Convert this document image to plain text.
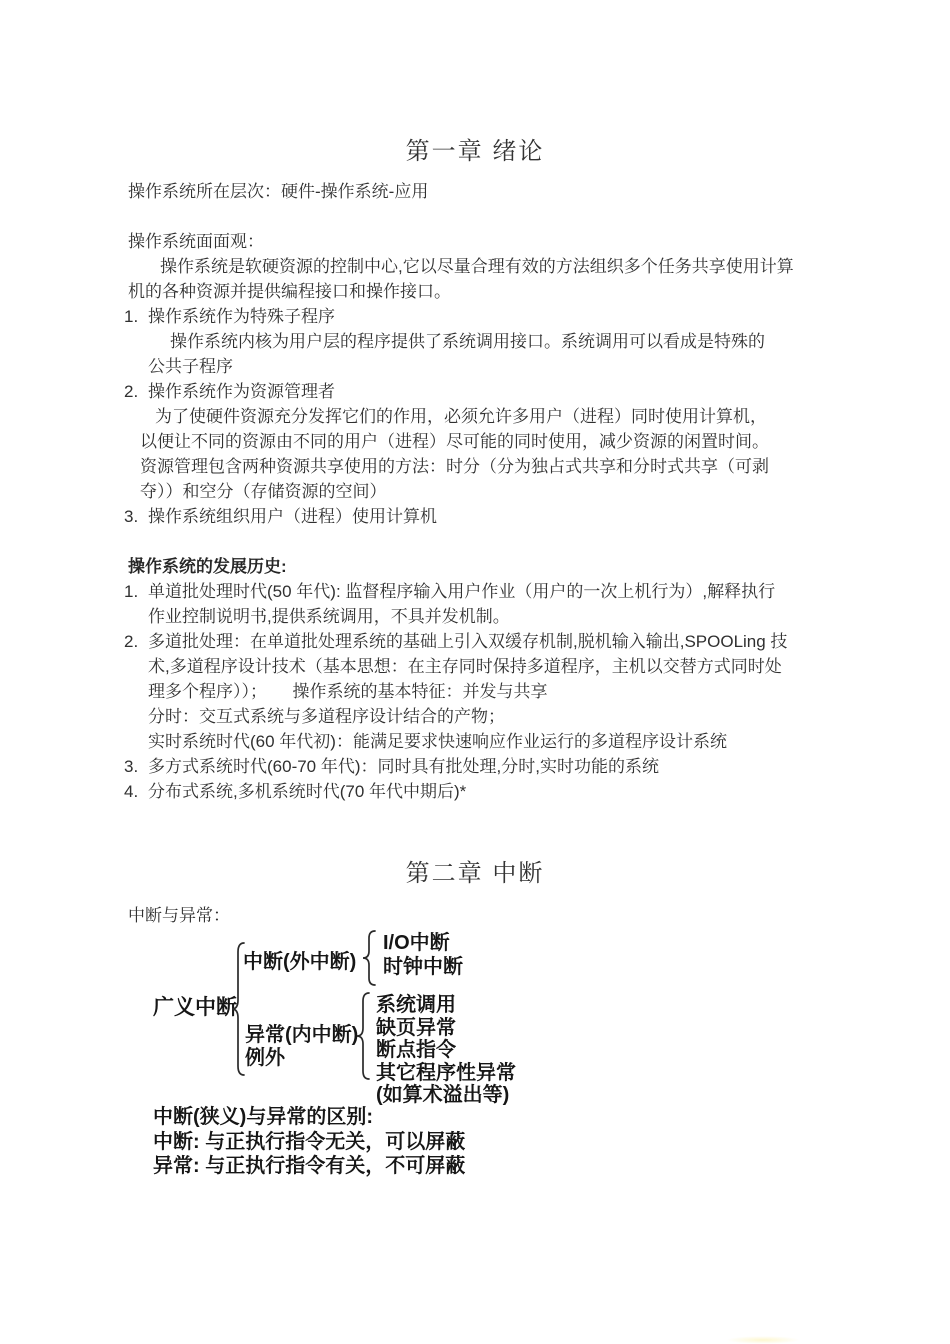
第一章 绪论
操作系统所在层次：硬件-操作系统-应用

操作系统面面观：
操作系统是软硬资源的控制中心,它以尽量合理有效的方法组织多个任务共享使用计算
机的各种资源并提供编程接口和操作接口。
1. 操作系统作为特殊子程序
操作系统内核为用户层的程序提供了系统调用接口。系统调用可以看成是特殊的
公共子程序
2. 操作系统作为资源管理者
为了使硬件资源充分发挥它们的作用，必须允许多用户（进程）同时使用计算机，
以便让不同的资源由不同的用户（进程）尽可能的同时使用，减少资源的闲置时间。
资源管理包含两种资源共享使用的方法：时分（分为独占式共享和分时式共享（可剥
夺））和空分（存储资源的空间）
3. 操作系统组织用户（进程）使用计算机

操作系统的发展历史:
1. 单道批处理时代(50 年代): 监督程序输入用户作业（用户的一次上机行为）,解释执行
作业控制说明书,提供系统调用，不具并发机制。
2. 多道批处理：在单道批处理系统的基础上引入双缓存机制,脱机输入输出,SPOOLing 技
术,多道程序设计技术（基本思想：在主存同时保持多道程序，主机以交替方式同时处
理多个程序））；　　操作系统的基本特征：并发与共享
分时：交互式系统与多道程序设计结合的产物；
实时系统时代(60 年代初)：能满足要求快速响应作业运行的多道程序设计系统
3. 多方式系统时代(60-70 年代)：同时具有批处理,分时,实时功能的系统
4. 分布式系统,多机系统时代(70 年代中期后)*
第二章 中断
中断与异常：
广义中断
中断(外中断)
I/O中断
时钟中断
异常(内中断)
例外
系统调用
缺页异常
断点指令
其它程序性异常
(如算术溢出等)
中断(狭义)与异常的区别:
中断: 与正执行指令无关，可以屏蔽
异常: 与正执行指令有关，不可屏蔽
